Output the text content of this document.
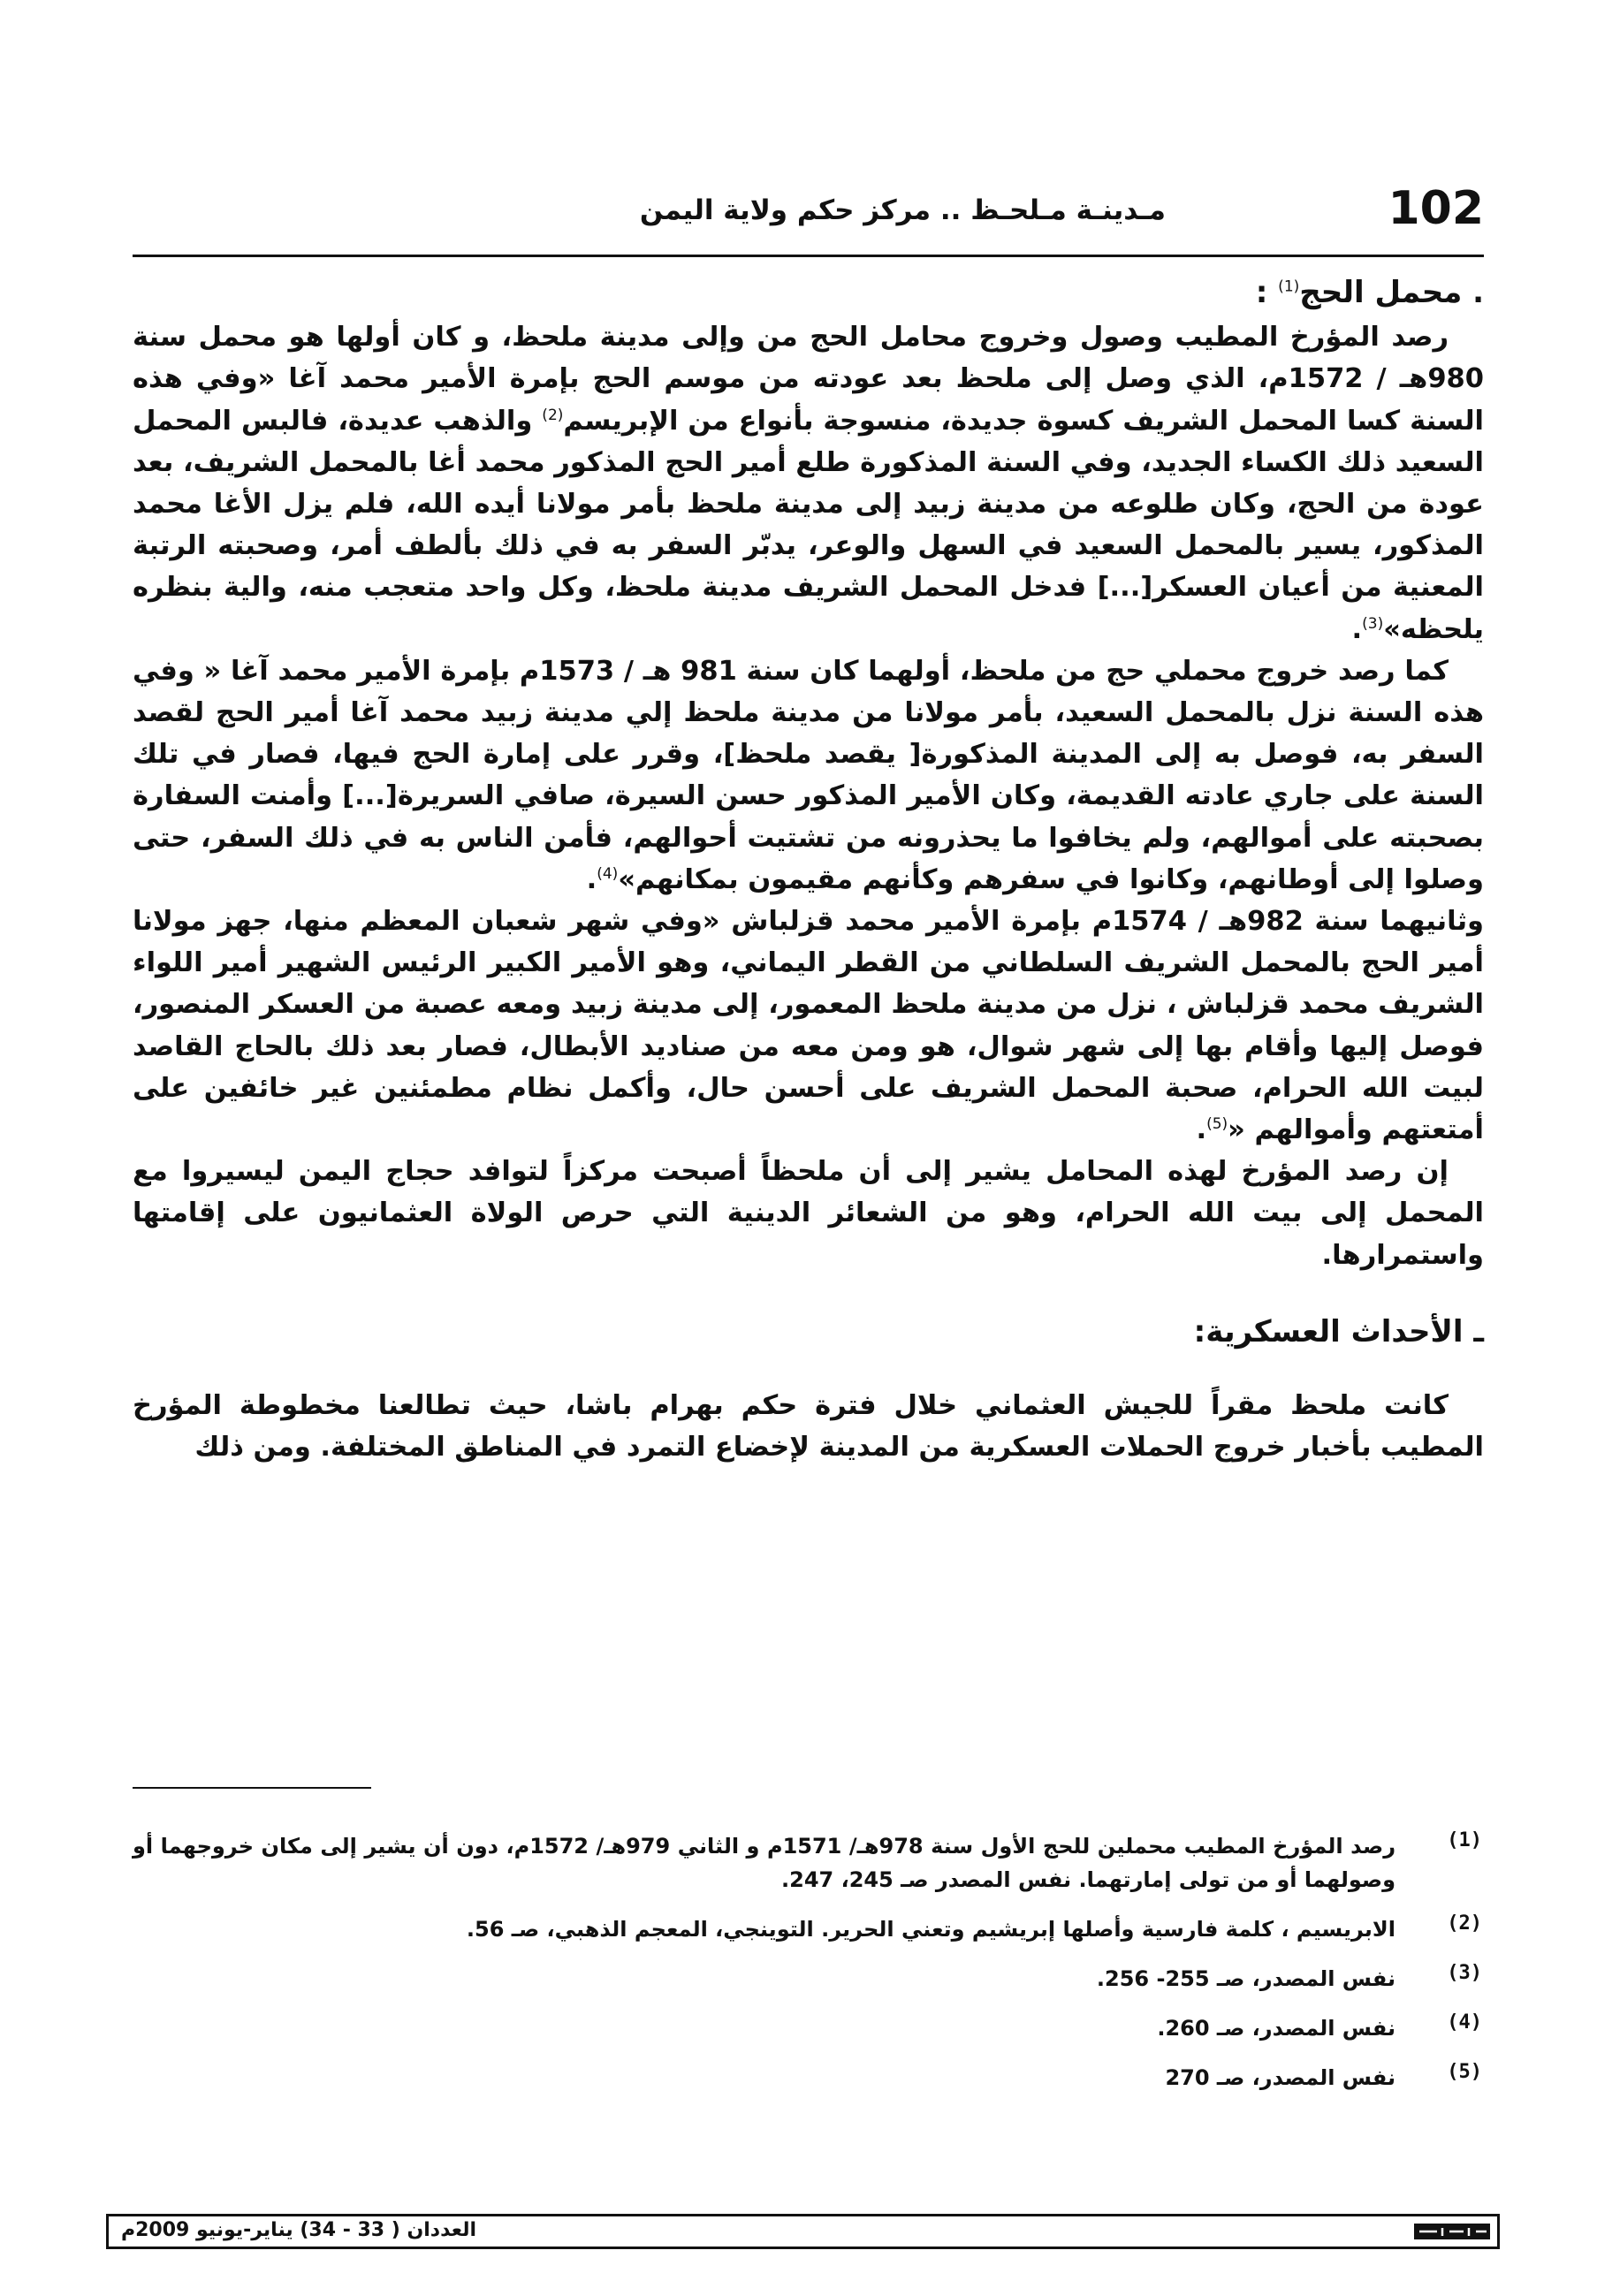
102
مـدينـة مـلحـظ .. مركز حكم ولاية اليمن
. محمل الحج$^{(1)}$ :

رصد المؤرخ المطيب وصول وخروج محامل الحج من وإلى مدينة ملحظ، و كان أولها هو محمل سنة 980هـ / 1572م، الذي وصل إلى ملحظ بعد عودته من موسم الحج بإمرة الأمير محمد آغا «وفي هذه السنة كسا المحمل الشريف كسوة جديدة، منسوجة بأنواع من الإبريسم$^{(2)}$ والذهب عديدة، فالبس المحمل السعيد ذلك الكساء الجديد، وفي السنة المذكورة طلع أمير الحج المذكور محمد أغا بالمحمل الشريف، بعد عودة من الحج، وكان طلوعه من مدينة زبيد إلى مدينة ملحظ بأمر مولانا أيده الله، فلم يزل الأغا محمد المذكور، يسير بالمحمل السعيد في السهل والوعر، يدبّر السفر به في ذلك بألطف أمر، وصحبته الرتبة المعنية من أعيان العسكر[...] فدخل المحمل الشريف مدينة ملحظ، وكل واحد متعجب منه، والية بنظره يلحظه»$^{(3)}$.

كما رصد خروج محملي حج من ملحظ، أولهما كان سنة 981 هـ / 1573م بإمرة الأمير محمد آغا « وفي هذه السنة نزل بالمحمل السعيد، بأمر مولانا من مدينة ملحظ إلي مدينة زبيد محمد آغا أمير الحج لقصد السفر به، فوصل به إلى المدينة المذكورة[ يقصد ملحظ]، وقرر على إمارة الحج فيها، فصار في تلك السنة على جاري عادته القديمة، وكان الأمير المذكور حسن السيرة، صافي السريرة[...] وأمنت السفارة بصحبته على أموالهم، ولم يخافوا ما يحذرونه من تشتيت أحوالهم، فأمن الناس به في ذلك السفر، حتى وصلوا إلى أوطانهم، وكانوا في سفرهم وكأنهم مقيمون بمكانهم»$^{(4)}$.

وثانيهما سنة 982هـ / 1574م بإمرة الأمير محمد قزلباش «وفي شهر شعبان المعظم منها، جهز مولانا أمير الحج بالمحمل الشريف السلطاني من القطر اليماني، وهو الأمير الكبير الرئيس الشهير أمير اللواء الشريف محمد قزلباش ، نزل من مدينة ملحظ المعمور، إلى مدينة زبيد ومعه عصبة من العسكر المنصور، فوصل إليها وأقام بها إلى شهر شوال، هو ومن معه من صناديد الأبطال، فصار بعد ذلك بالحاج القاصد لبيت الله الحرام، صحبة المحمل الشريف على أحسن حال، وأكمل نظام مطمئنين غير خائفين على أمتعتهم وأموالهم «$^{(5)}$.

إن رصد المؤرخ لهذه المحامل يشير إلى أن ملحظاً أصبحت مركزاً لتوافد حجاج اليمن ليسيروا مع المحمل إلى بيت الله الحرام، وهو من الشعائر الدينية التي حرص الولاة العثمانيون على إقامتها واستمرارها.

ـ الأحداث العسكرية:

كانت ملحظ مقراً للجيش العثماني خلال فترة حكم بهرام باشا، حيث تطالعنا مخطوطة المؤرخ المطيب بأخبار خروج الحملات العسكرية من المدينة لإخضاع التمرد في المناطق المختلفة. ومن ذلك

(1)
رصد المؤرخ المطيب محملين للحج الأول سنة 978هـ/ 1571م و الثاني 979هـ/ 1572م، دون أن يشير إلى مكان خروجهما أو وصولهما أو من تولى إمارتهما. نفس المصدر صـ 245، 247.
(2)
الابريسيم ، كلمة فارسية وأصلها إبريشيم وتعني الحرير. التوينجي، المعجم الذهبي، صـ 56.
(3)
نفس المصدر، صـ 255- 256.
(4)
نفس المصدر، صـ 260.
(5)
نفس المصدر، صـ 270
العددان ( 33 - 34) يناير-يونيو 2009م
